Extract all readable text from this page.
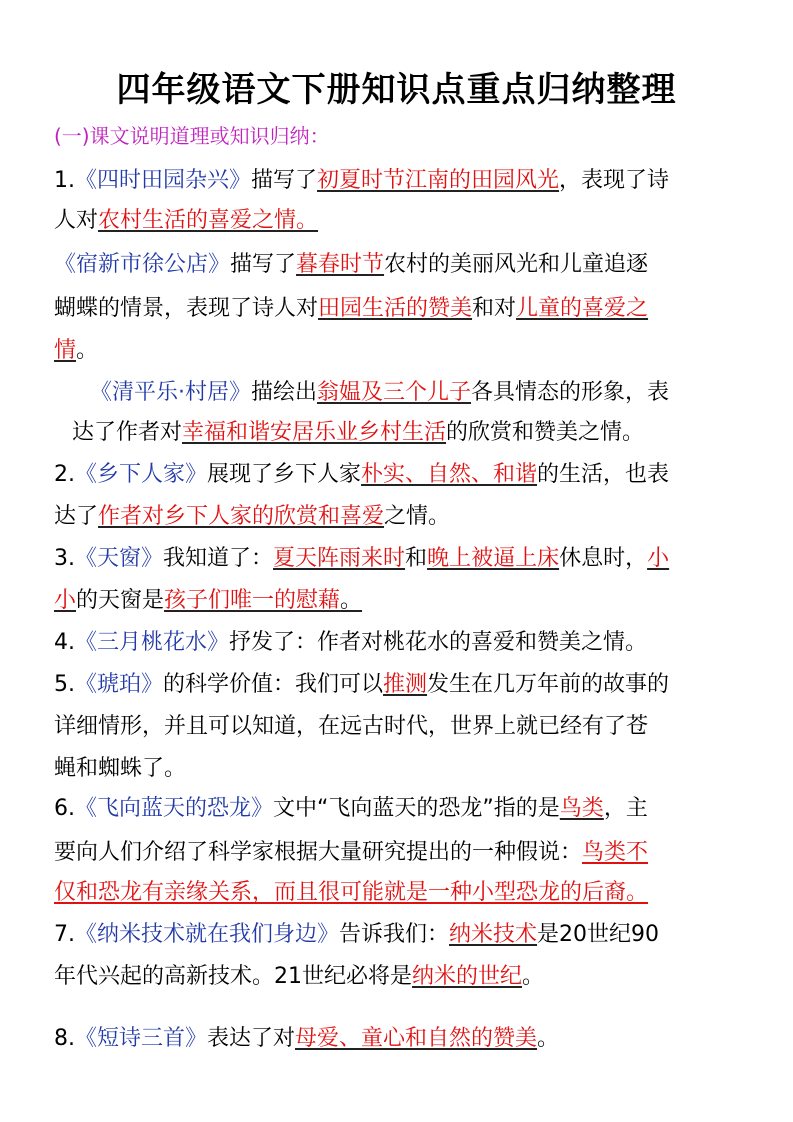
四年级语文下册知识点重点归纳整理
(一)课文说明道理或知识归纳：
1.《四时田园杂兴》描写了初夏时节江南的田园风光，表现了诗
人对农村生活的喜爱之情。
《宿新市徐公店》描写了暮春时节农村的美丽风光和儿童追逐
蝴蝶的情景，表现了诗人对田园生活的赞美和对儿童的喜爱之
情。
《清平乐·村居》描绘出翁媪及三个儿子各具情态的形象，表
达了作者对幸福和谐安居乐业乡村生活的欣赏和赞美之情。
2.《乡下人家》展现了乡下人家朴实、自然、和谐的生活，也表
达了作者对乡下人家的欣赏和喜爱之情。
3.《天窗》我知道了：夏天阵雨来时和晚上被逼上床休息时，小
小的天窗是孩子们唯一的慰藉。
4.《三月桃花水》抒发了：作者对桃花水的喜爱和赞美之情。
5.《琥珀》的科学价值：我们可以推测发生在几万年前的故事的
详细情形，并且可以知道，在远古时代，世界上就已经有了苍
蝇和蜘蛛了。
6.《飞向蓝天的恐龙》文中“飞向蓝天的恐龙”指的是鸟类，主
要向人们介绍了科学家根据大量研究提出的一种假说：鸟类不
仅和恐龙有亲缘关系，而且很可能就是一种小型恐龙的后裔。
7.《纳米技术就在我们身边》告诉我们：纳米技术是20世纪90
年代兴起的高新技术。21世纪必将是纳米的世纪。
8.《短诗三首》表达了对母爱、童心和自然的赞美。
